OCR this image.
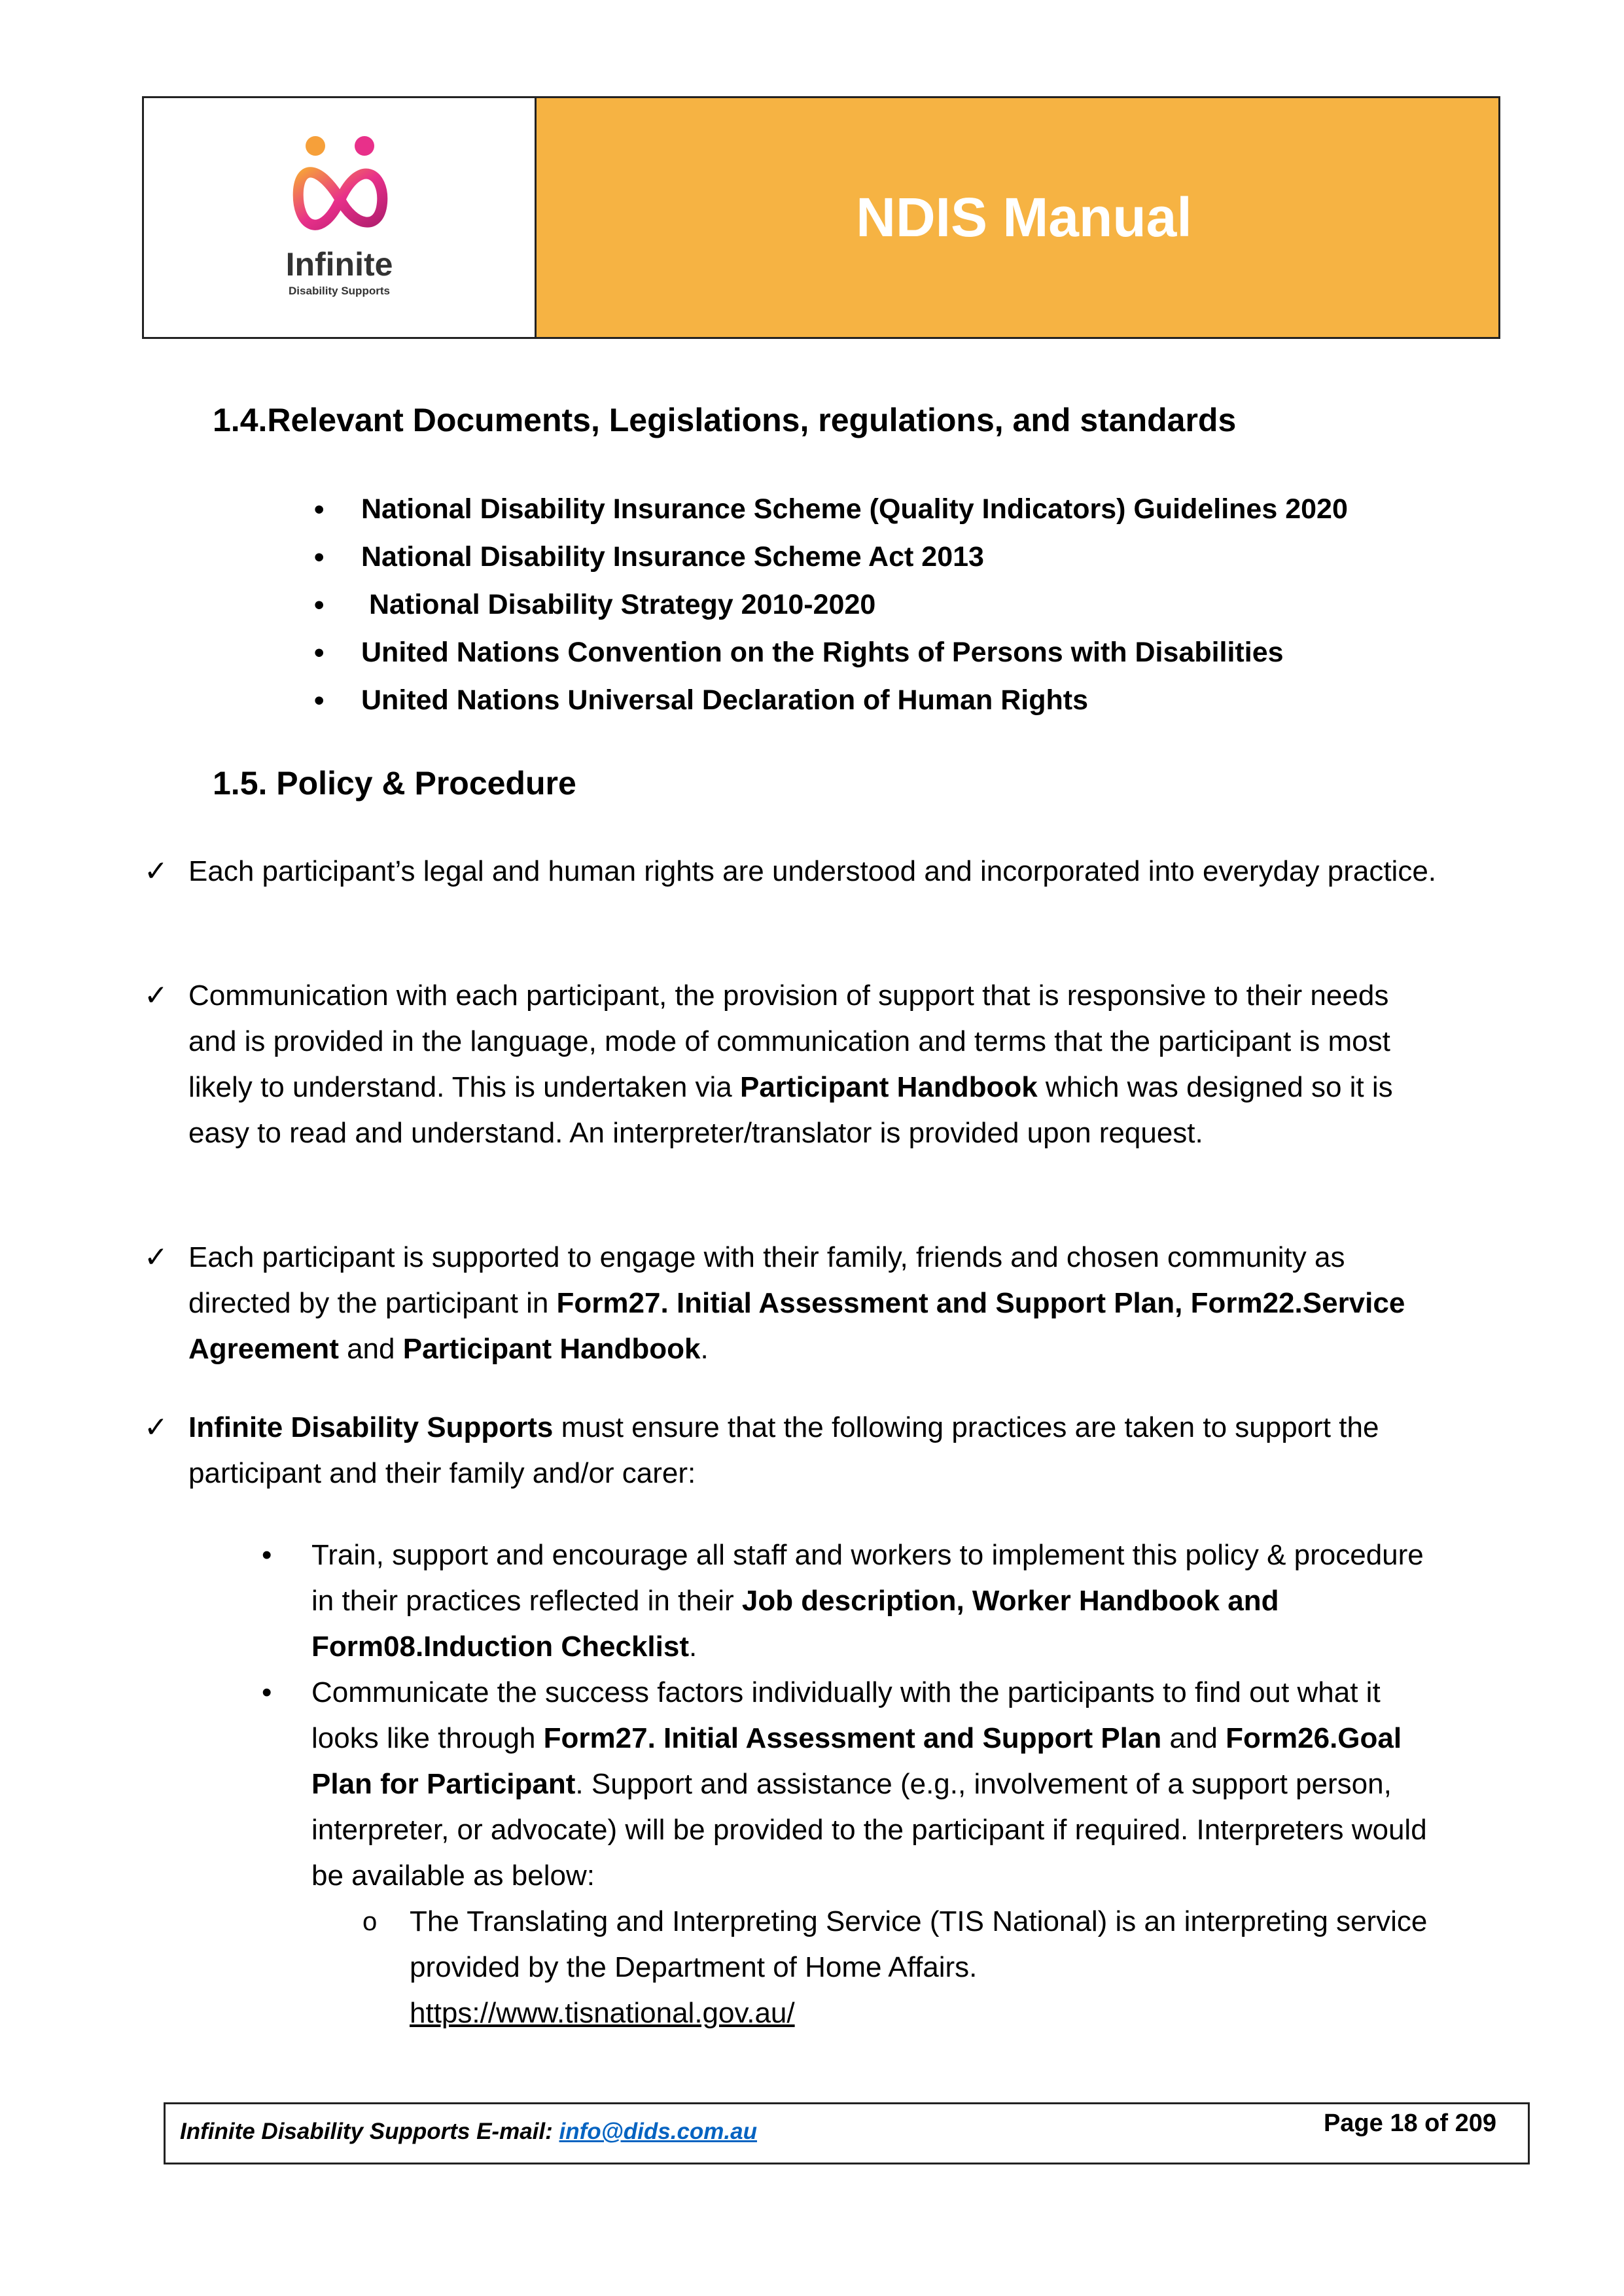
Infinite
Disability Supports
NDIS Manual
1.4.Relevant Documents, Legislations, regulations, and standards
• National Disability Insurance Scheme (Quality Indicators) Guidelines 2020
• National Disability Insurance Scheme Act 2013
•  National Disability Strategy 2010-2020
• United Nations Convention on the Rights of Persons with Disabilities
• United Nations Universal Declaration of Human Rights
1.5. Policy & Procedure
✓ Each participant’s legal and human rights are understood and incorporated into everyday practice.
✓ Communication with each participant, the provision of support that is responsive to their needs and is provided in the language, mode of communication and terms that the participant is most likely to understand. This is undertaken via Participant Handbook which was designed so it is easy to read and understand. An interpreter/translator is provided upon request.
✓ Each participant is supported to engage with their family, friends and chosen community as directed by the participant in Form27. Initial Assessment and Support Plan, Form22.Service Agreement and Participant Handbook.
✓ Infinite Disability Supports must ensure that the following practices are taken to support the participant and their family and/or carer:
• Train, support and encourage all staff and workers to implement this policy & procedure in their practices reflected in their Job description, Worker Handbook and Form08.Induction Checklist.
• Communicate the success factors individually with the participants to find out what it looks like through Form27. Initial Assessment and Support Plan and Form26.Goal Plan for Participant. Support and assistance (e.g., involvement of a support person, interpreter, or advocate) will be provided to the participant if required. Interpreters would be available as below:
o The Translating and Interpreting Service (TIS National) is an interpreting service provided by the Department of Home Affairs.
https://www.tisnational.gov.au/
Infinite Disability Supports E-mail: info@dids.com.au	Page 18 of 209
